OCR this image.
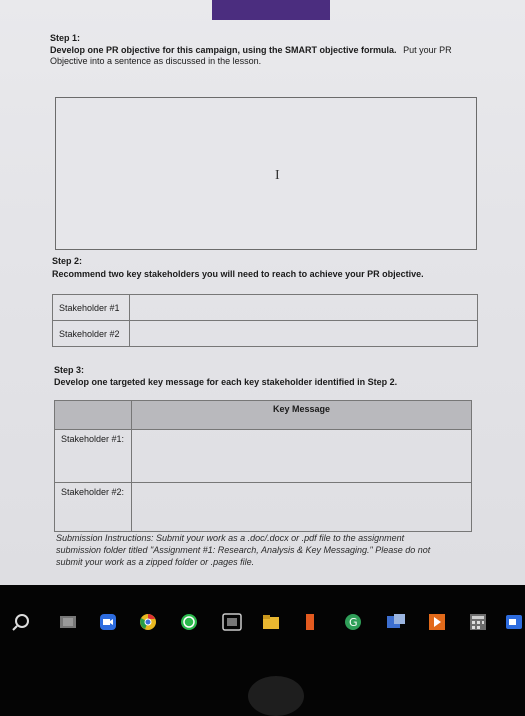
Step 1:
Develop one PR objective for this campaign, using the SMART objective formula. Put your PR
Objective into a sentence as discussed in the lesson.
I
Step 2:
Recommend two key stakeholders you will need to reach to achieve your PR objective.
Stakeholder #1	
Stakeholder #2	
Step 3:
Develop one targeted key message for each key stakeholder identified in Step 2.
	Key Message
Stakeholder #1:	
Stakeholder #2:	
Submission Instructions: Submit your work as a .doc/.docx or .pdf file to the assignment
submission folder titled "Assignment #1: Research, Analysis & Key Messaging." Please do not
submit your work as a zipped folder or .pages file.
G
